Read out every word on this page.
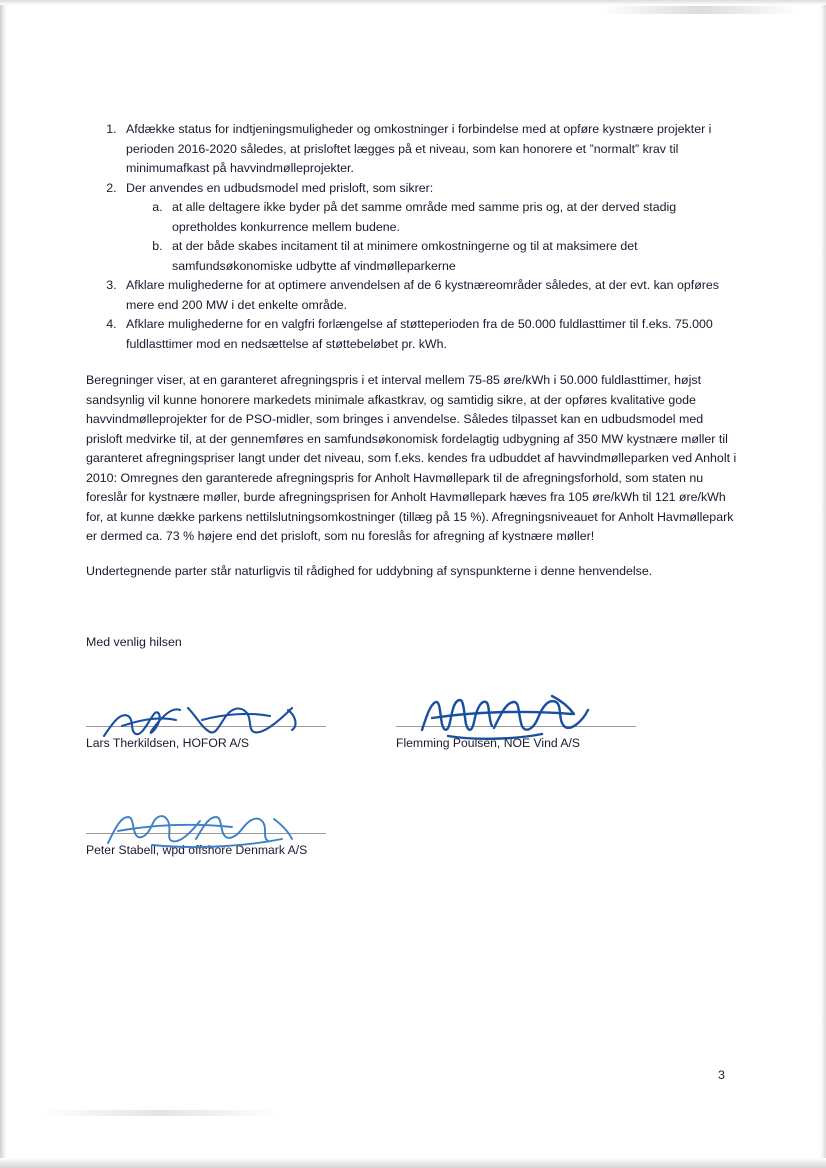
1. Afdække status for indtjeningsmuligheder og omkostninger i forbindelse med at opføre kystnære projekter i perioden 2016-2020 således, at prisloftet lægges på et niveau, som kan honorere et ”normalt” krav til minimumafkast på havvindmølleprojekter.
2. Der anvendes en udbudsmodel med prisloft, som sikrer:
a. at alle deltagere ikke byder på det samme område med samme pris og, at der derved stadig opretholdes konkurrence mellem budene.
b. at der både skabes incitament til at minimere omkostningerne og til at maksimere det samfundsøkonomiske udbytte af vindmølleparkerne
3. Afklare mulighederne for at optimere anvendelsen af de 6 kystnæreområder således, at der evt. kan opføres mere end 200 MW i det enkelte område.
4. Afklare mulighederne for en valgfri forlængelse af støtteperioden fra de 50.000 fuldlasttimer til f.eks. 75.000 fuldlasttimer mod en nedsættelse af støttebeløbet pr. kWh.

Beregninger viser, at en garanteret afregningspris i et interval mellem 75-85 øre/kWh i 50.000 fuldlasttimer, højst sandsynlig vil kunne honorere markedets minimale afkastkrav, og samtidig sikre, at der opføres kvalitative gode havvindmølleprojekter for de PSO-midler, som bringes i anvendelse. Således tilpasset kan en udbudsmodel med prisloft medvirke til, at der gennemføres en samfundsøkonomisk fordelagtig udbygning af 350 MW kystnære møller til garanteret afregningspriser langt under det niveau, som f.eks. kendes fra udbuddet af havvindmølleparken ved Anholt i 2010: Omregnes den garanterede afregningspris for Anholt Havmøllepark til de afregningsforhold, som staten nu foreslår for kystnære møller, burde afregningsprisen for Anholt Havmøllepark hæves fra 105 øre/kWh til 121 øre/kWh for, at kunne dække parkens nettilslutningsomkostninger (tillæg på 15 %). Afregningsniveauet for Anholt Havmøllepark er dermed ca. 73 % højere end det prisloft, som nu foreslås for afregning af kystnære møller!

Undertegnende parter står naturligvis til rådighed for uddybning af synspunkterne i denne henvendelse.

Med venlig hilsen

Lars Therkildsen, HOFOR A/S	Flemming Poulsen, NOE Vind A/S
Peter Stabell, wpd offshore Denmark A/S
3
